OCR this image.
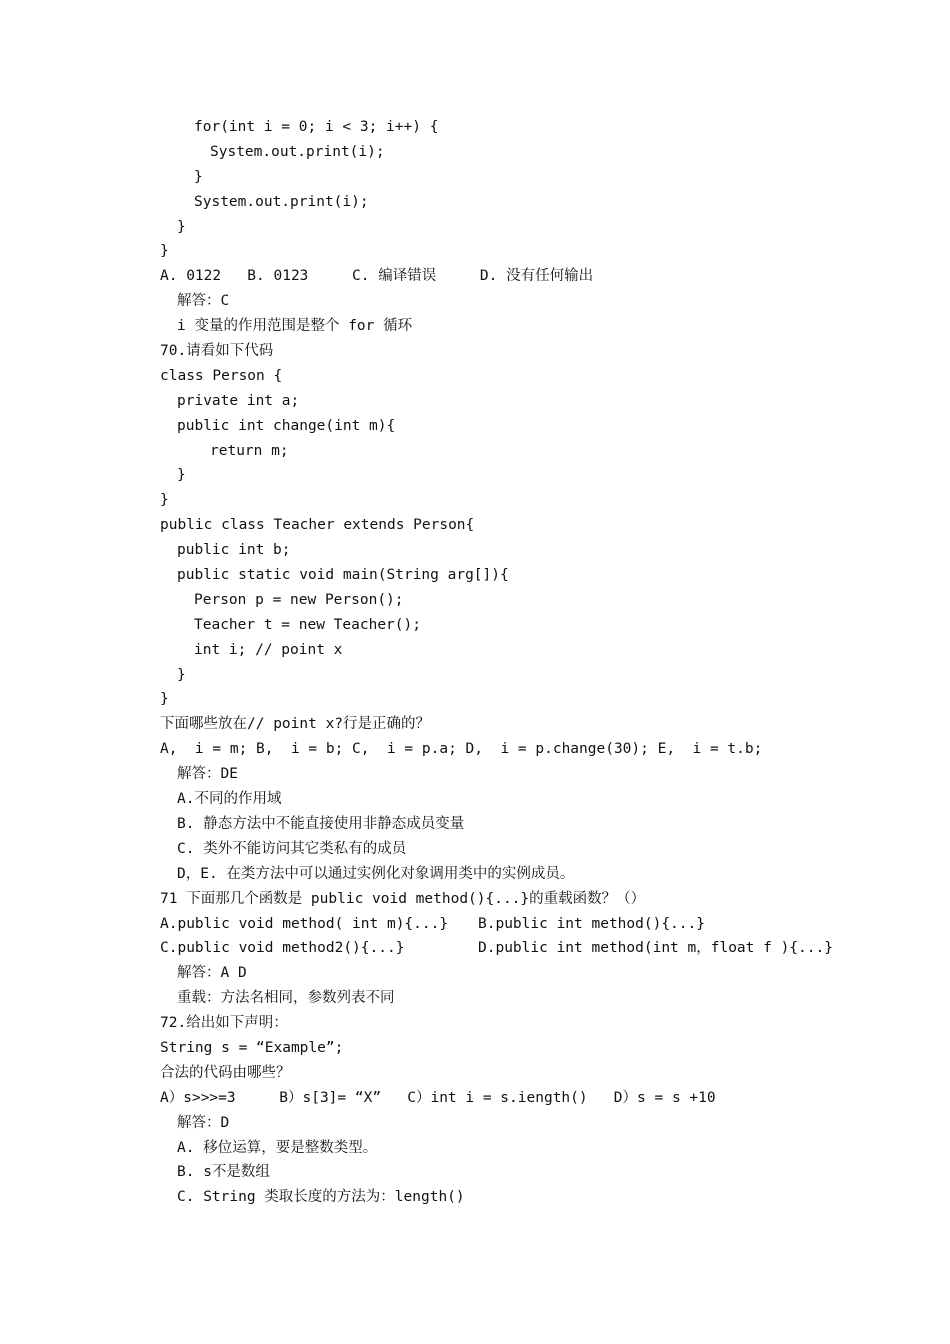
for(int i = 0; i < 3; i++) {
System.out.print(i);
}
System.out.print(i);
}
}
A. 0122   B. 0123     C. 编译错误     D. 没有任何输出
解答：C
i 变量的作用范围是整个 for 循环
70.请看如下代码
class Person {
private int a;
public int change(int m){
return m;
}
}
public class Teacher extends Person{
public int b;
public static void main(String arg[]){
Person p = new Person();
Teacher t = new Teacher();
int i; // point x
}
}
下面哪些放在// point x?行是正确的？
A,  i = m; B,  i = b; C,  i = p.a; D,  i = p.change(30); E,  i = t.b;
解答：DE
A.不同的作用域
B. 静态方法中不能直接使用非静态成员变量
C. 类外不能访问其它类私有的成员
D，E. 在类方法中可以通过实例化对象调用类中的实例成员。
71 下面那几个函数是 public void method(){...}的重载函数？（）
A.public void method( int m){...} B.public int method(){...}
C.public void method2(){...}	D.public int method(int m，float f ){...}
解答：A D
重载：方法名相同，参数列表不同
72.给出如下声明：
String s = “Example”;
合法的代码由哪些？
A）s>>>=3     B）s[3]= “X”   C）int i = s.iength()   D）s = s +10
解答：D
A. 移位运算，要是整数类型。
B. s不是数组
C. String 类取长度的方法为：length()
